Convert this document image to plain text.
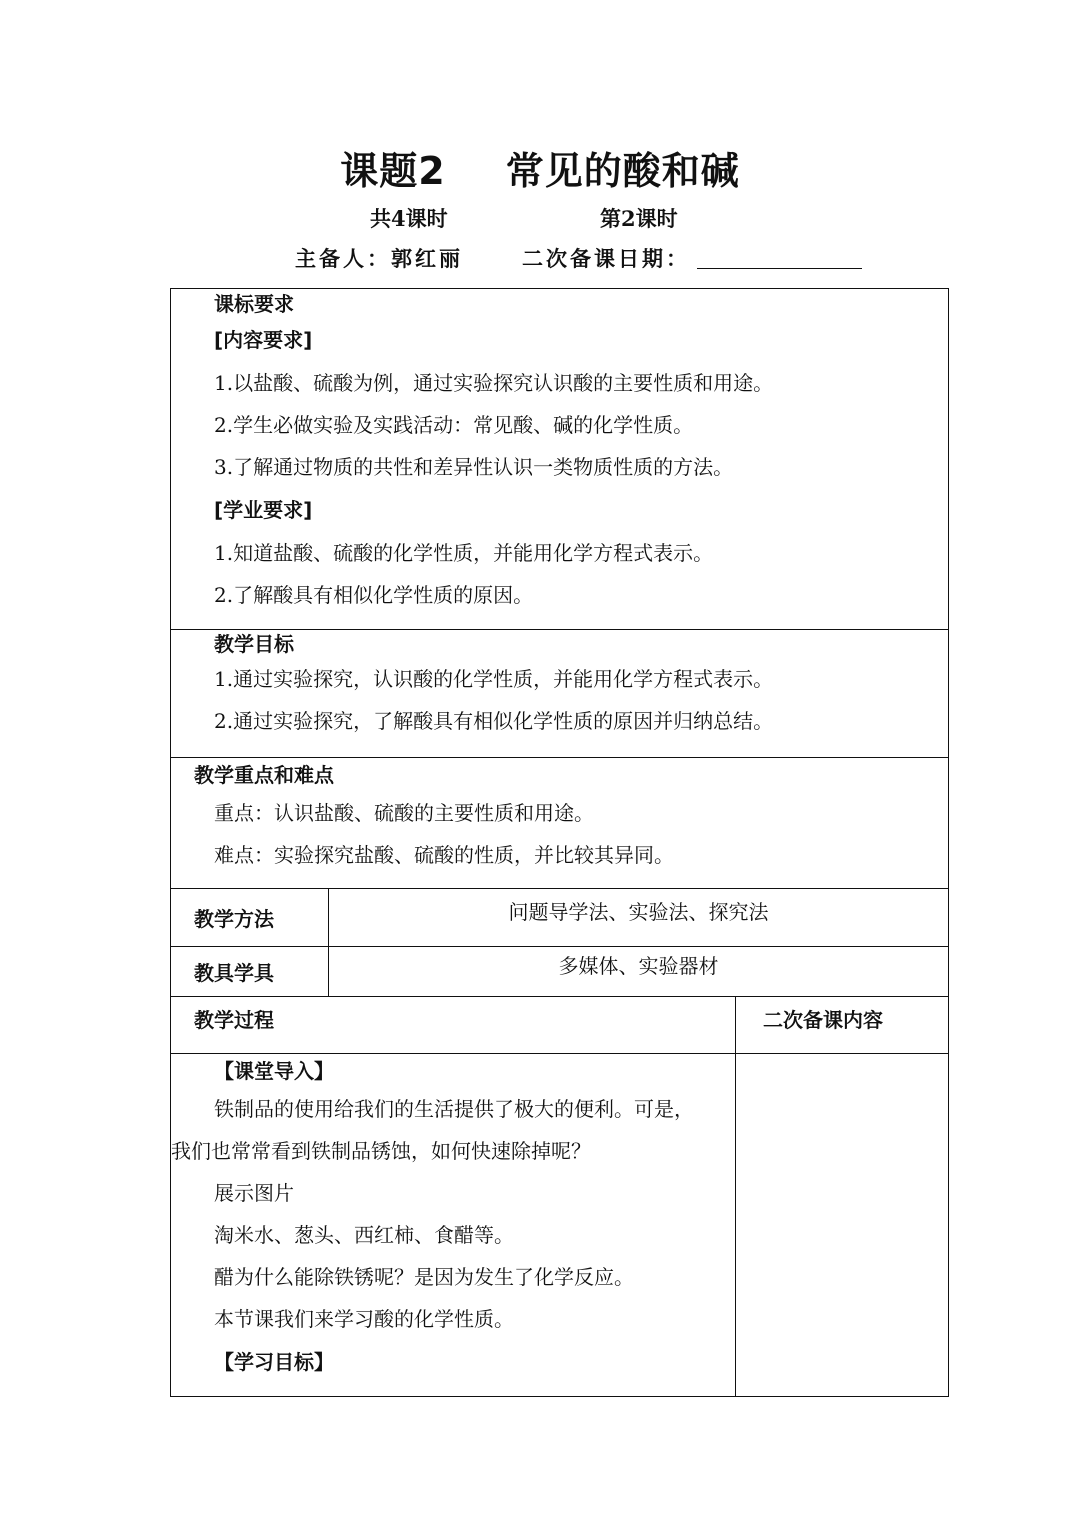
课题2 常见的酸和碱
共4课时	第2课时
主备人：郭红丽	二次备课日期：
课标要求
[内容要求]
1.以盐酸、硫酸为例，通过实验探究认识酸的主要性质和用途。
2.学生必做实验及实践活动：常见酸、碱的化学性质。
3.了解通过物质的共性和差异性认识一类物质性质的方法。
[学业要求]
1.知道盐酸、硫酸的化学性质，并能用化学方程式表示。
2.了解酸具有相似化学性质的原因。
教学目标
1.通过实验探究，认识酸的化学性质，并能用化学方程式表示。
2.通过实验探究，了解酸具有相似化学性质的原因并归纳总结。
教学重点和难点
重点：认识盐酸、硫酸的主要性质和用途。
难点：实验探究盐酸、硫酸的性质，并比较其异同。
教学方法	问题导学法、实验法、探究法
教具学具	多媒体、实验器材
教学过程	二次备课内容
【课堂导入】
铁制品的使用给我们的生活提供了极大的便利。可是，
我们也常常看到铁制品锈蚀，如何快速除掉呢？
展示图片
淘米水、葱头、西红柿、食醋等。
醋为什么能除铁锈呢？是因为发生了化学反应。
本节课我们来学习酸的化学性质。
【学习目标】
